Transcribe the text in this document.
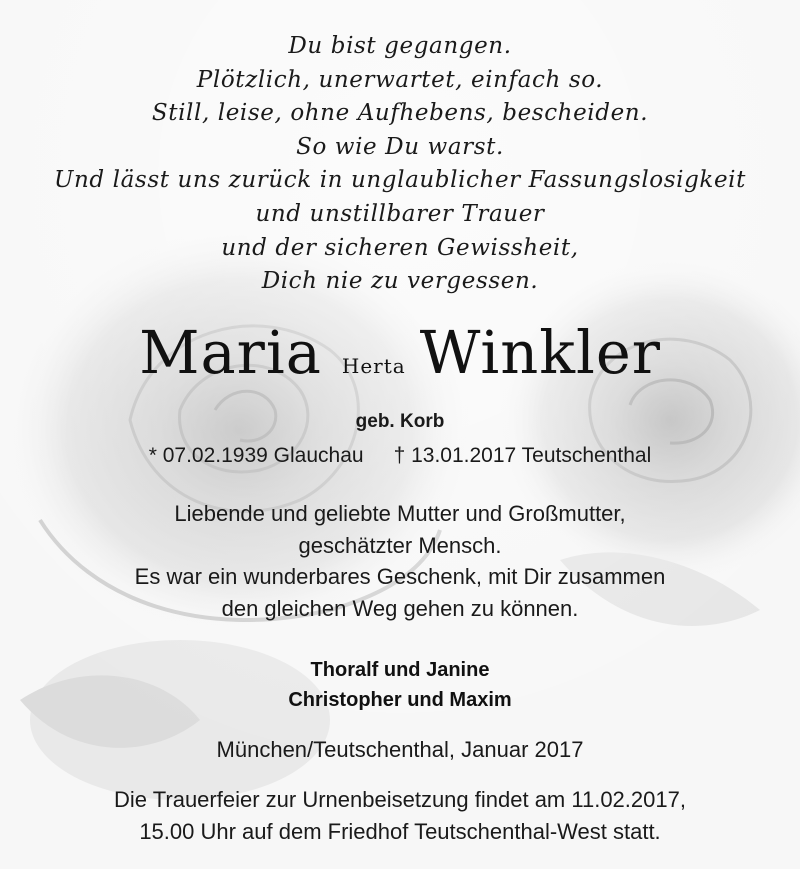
Du bist gegangen.
Plötzlich, unerwartet, einfach so.
Still, leise, ohne Aufhebens, bescheiden.
So wie Du warst.
Und lässt uns zurück in unglaublicher Fassungslosigkeit
und unstillbarer Trauer
und der sicheren Gewissheit,
Dich nie zu vergessen.
Maria Herta Winkler
geb. Korb
* 07.02.1939 Glauchau † 13.01.2017 Teutschenthal
Liebende und geliebte Mutter und Großmutter,
geschätzter Mensch.
Es war ein wunderbares Geschenk, mit Dir zusammen
den gleichen Weg gehen zu können.
Thoralf und Janine
Christopher und Maxim
München/Teutschenthal, Januar 2017
Die Trauerfeier zur Urnenbeisetzung findet am 11.02.2017,
15.00 Uhr auf dem Friedhof Teutschenthal-West statt.
